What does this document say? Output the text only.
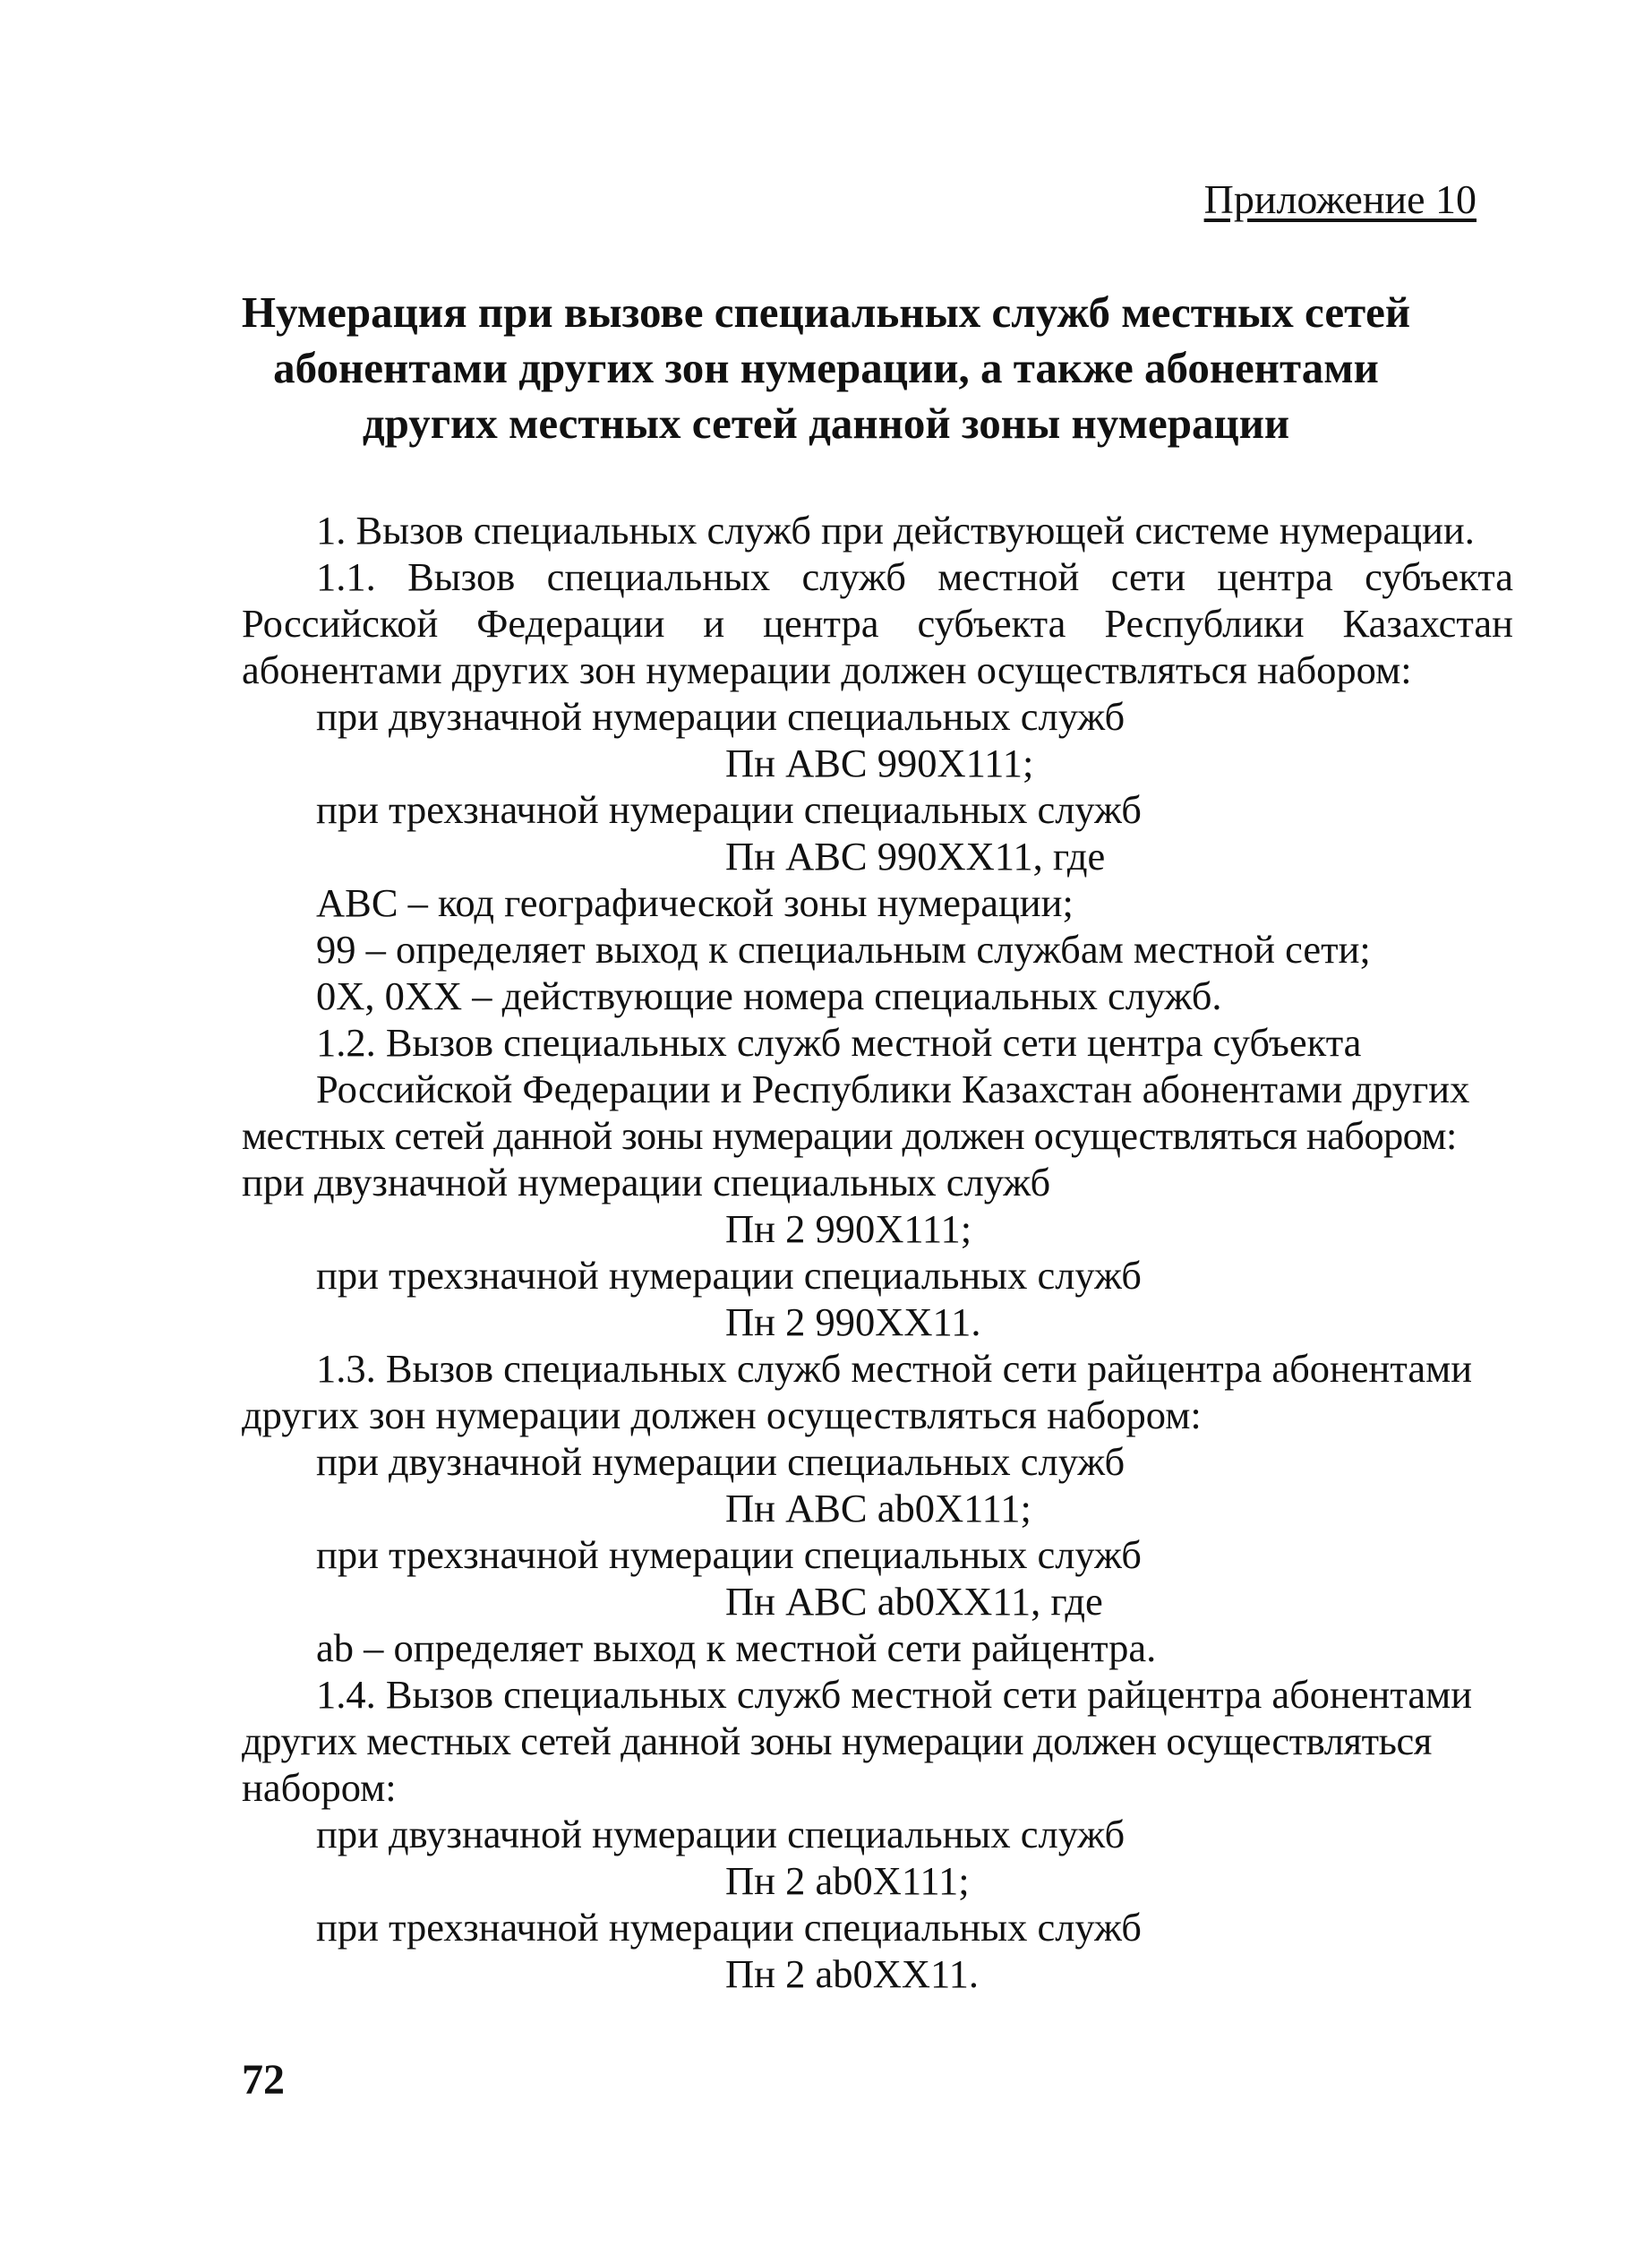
Приложение 10
Нумерация при вызове специальных служб местных сетей
абонентами других зон нумерации, а также абонентами
других местных сетей данной зоны нумерации
1. Вызов специальных служб при действующей системе нумерации.
1.1. Вызов специальных служб местной сети центра субъекта
Российской Федерации и центра субъекта Республики Казахстан
абонентами других зон нумерации должен осуществляться набором:
при двузначной нумерации специальных служб
Пн АВС 990Х111;
при трехзначной нумерации специальных служб
Пн АВС 990ХХ11, где
АВС – код географической зоны нумерации;
99 – определяет выход к специальным службам местной сети;
0Х, 0ХХ – действующие номера специальных служб.
1.2. Вызов специальных служб местной сети центра субъекта
Российской Федерации и Республики Казахстан абонентами других
местных сетей данной зоны нумерации должен осуществляться набором:
при двузначной нумерации специальных служб
Пн 2 990Х111;
при трехзначной нумерации специальных служб
Пн 2 990ХХ11.
1.3. Вызов специальных служб местной сети райцентра абонентами
других зон нумерации должен осуществляться набором:
при двузначной нумерации специальных служб
Пн АВС аb0Х111;
при трехзначной нумерации специальных служб
Пн АВС аb0ХХ11, где
аb – определяет выход к местной сети райцентра.
1.4. Вызов специальных служб местной сети райцентра абонентами
других местных сетей данной зоны нумерации должен осуществляться
набором:
при двузначной нумерации специальных служб
Пн 2 аb0Х111;
при трехзначной нумерации специальных служб
Пн 2 аb0ХХ11.
72
